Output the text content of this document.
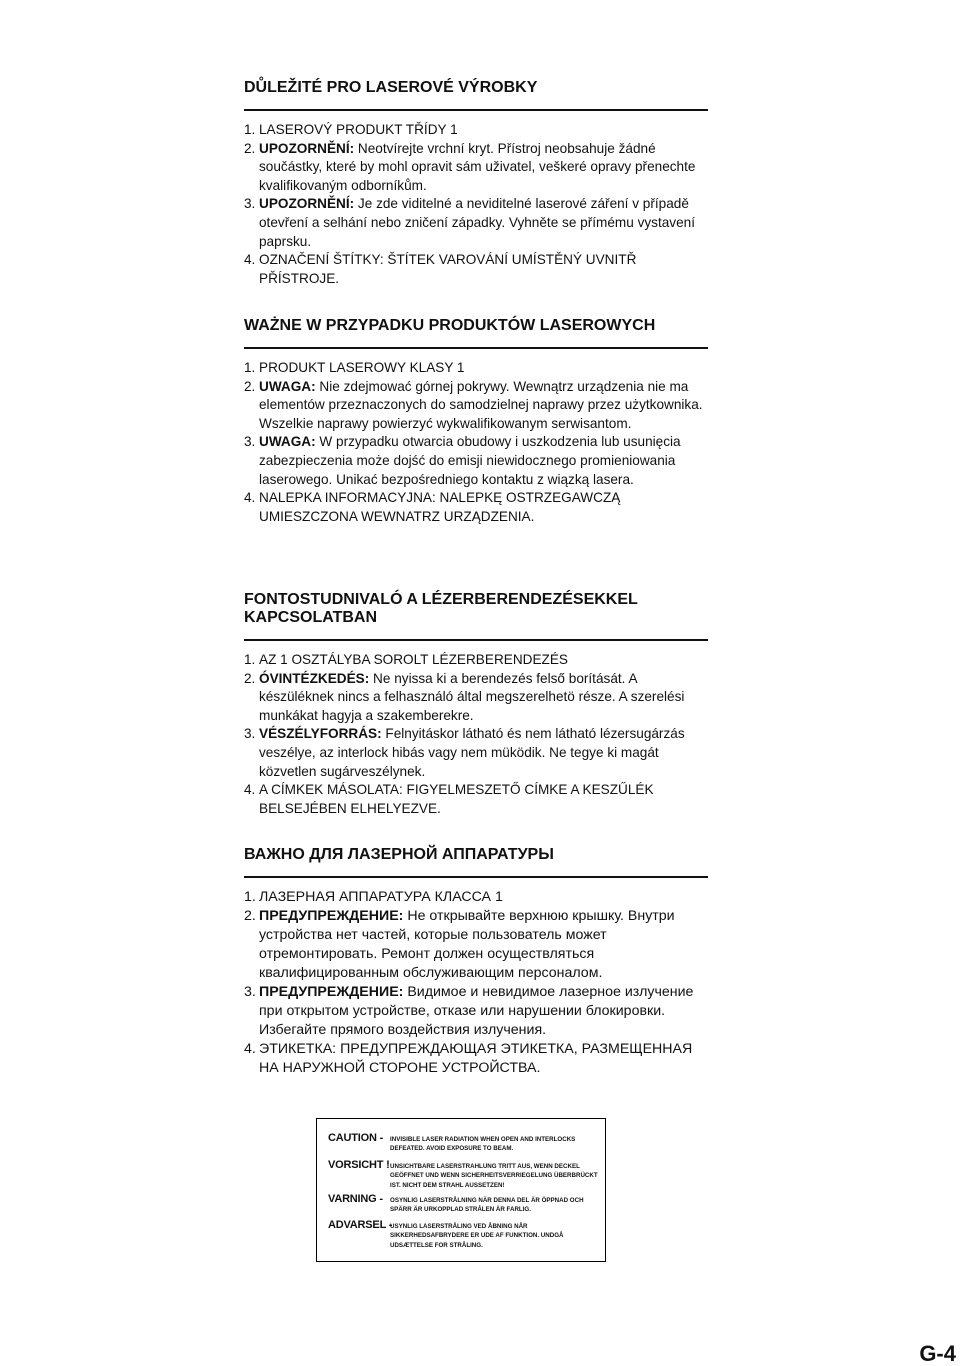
DŮLEŽITÉ PRO LASEROVÉ VÝROBKY
1. LASEROVÝ PRODUKT TŘÍDY 1
2. UPOZORNĚNÍ: Neotvírejte vrchní kryt. Přístroj neobsahuje žádné součástky, které by mohl opravit sám uživatel, veškeré opravy přenechte kvalifikovaným odborníkům.
3. UPOZORNĚNÍ: Je zde viditelné a neviditelné laserové záření v případě otevření a selhání nebo zničení západky. Vyhněte se přímému vystavení paprsku.
4. OZNAČENÍ ŠTÍTKY: ŠTÍTEK VAROVÁNÍ UMÍSTĚNÝ UVNITŘ PŘÍSTROJE.
WAŻNE W PRZYPADKU PRODUKTÓW LASEROWYCH
1. PRODUKT LASEROWY KLASY 1
2. UWAGA: Nie zdejmować górnej pokrywy. Wewnątrz urządzenia nie ma elementów przeznaczonych do samodzielnej naprawy przez użytkownika. Wszelkie naprawy powierzyć wykwalifikowanym serwisantom.
3. UWAGA: W przypadku otwarcia obudowy i uszkodzenia lub usunięcia zabezpieczenia może dojść do emisji niewidocznego promieniowania laserowego. Unikać bezpośredniego kontaktu z wiązką lasera.
4. NALEPKA INFORMACYJNA: NALEPKĘ OSTRZEGAWCZĄ UMIESZCZONA WEWNATRZ URZĄDZENIA.
FONTOSTUDNIVALÓ A LÉZERBERENDEZÉSEKKEL KAPCSOLATBAN
1. AZ 1 OSZTÁLYBA SOROLT LÉZERBERENDEZÉS
2. ÓVINTÉZKEDÉS: Ne nyissa ki a berendezés felső borítását. A készüléknek nincs a felhasználó által megszerelhetö része. A szerelési munkákat hagyja a szakemberekre.
3. VÉSZÉLYFORRÁS: Felnyitáskor látható és nem látható lézersugárzás veszélye, az interlock hibás vagy nem müködik. Ne tegye ki magát közvetlen sugárveszélynek.
4. A CÍMKEK MÁSOLATA: FIGYELMESZETŐ CÍMKE A KESZŰLÉK BELSEJÉBEN ELHELYEZVE.
ВАЖНО ДЛЯ ЛАЗЕРНОЙ АППАРАТУРЫ
1. ЛАЗЕРНАЯ АППАРАТУРА КЛАССА 1
2. ПРЕДУПРЕЖДЕНИЕ: Не открывайте верхнюю крышку. Внутри устройства нет частей, которые пользователь может отремонтировать. Ремонт должен осуществляться квалифицированным обслуживающим персоналом.
3. ПРЕДУПРЕЖДЕНИЕ: Видимое и невидимое лазерное излучение при открытом устройстве, отказе или нарушении блокировки. Избегайте прямого воздействия излучения.
4. ЭТИКЕТКА: ПРЕДУПРЕЖДАЮЩАЯ ЭТИКЕТКА, РАЗМЕЩЕННАЯ НА НАРУЖНОЙ СТОРОНЕ УСТРОЙСТВА.
CAUTION - INVISIBLE LASER RADIATION WHEN OPEN AND INTERLOCKS DEFEATED. AVOID EXPOSURE TO BEAM.
VORSICHT ! UNSICHTBARE LASERSTRAHLUNG TRITT AUS, WENN DECKEL GEÖFFNET UND WENN SICHERHEITSVERRIEGELUNG ÜBERBRÜCKT IST. NICHT DEM STRAHL AUSSETZEN!
VARNING - OSYNLIG LASERSTRÅLNING NÄR DENNA DEL ÄR ÖPPNAD OCH SPÄRR ÄR URKOPPLAD STRÅLEN ÄR FARLIG.
ADVARSEL -
USYNLIG LASERSTRÅLING VED ÅBNING NÅR SIKKERHEDSAFBRYDERE ER UDE AF FUNKTION. UNDGÅ UDSÆTTELSE FOR STRÅLING.
G-4
